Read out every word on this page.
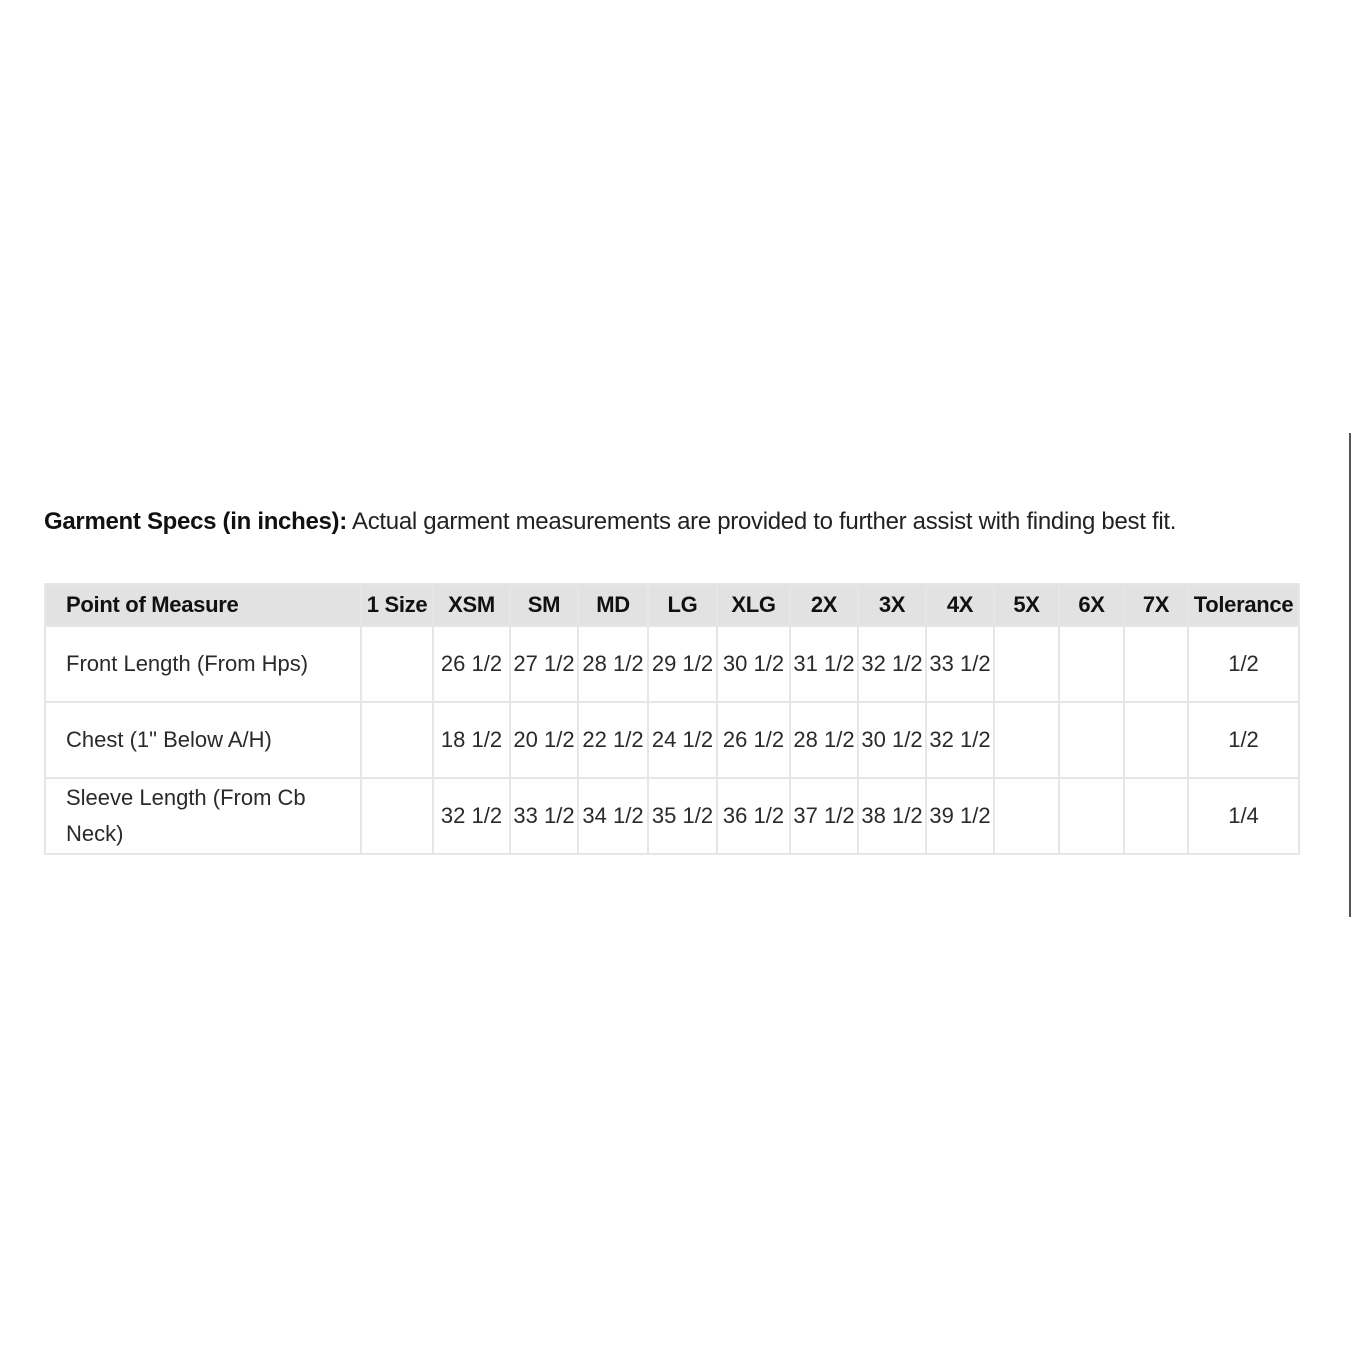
Garment Specs (in inches): Actual garment measurements are provided to further assist with finding best fit.
Point of Measure	1 Size	XSM	SM	MD	LG	XLG	2X	3X	4X	5X	6X	7X	Tolerance
Front Length (From Hps)		26 1/2	27 1/2	28 1/2	29 1/2	30 1/2	31 1/2	32 1/2	33 1/2				1/2
Chest (1" Below A/H)		18 1/2	20 1/2	22 1/2	24 1/2	26 1/2	28 1/2	30 1/2	32 1/2				1/2
Sleeve Length (From Cb Neck)		32 1/2	33 1/2	34 1/2	35 1/2	36 1/2	37 1/2	38 1/2	39 1/2				1/4
